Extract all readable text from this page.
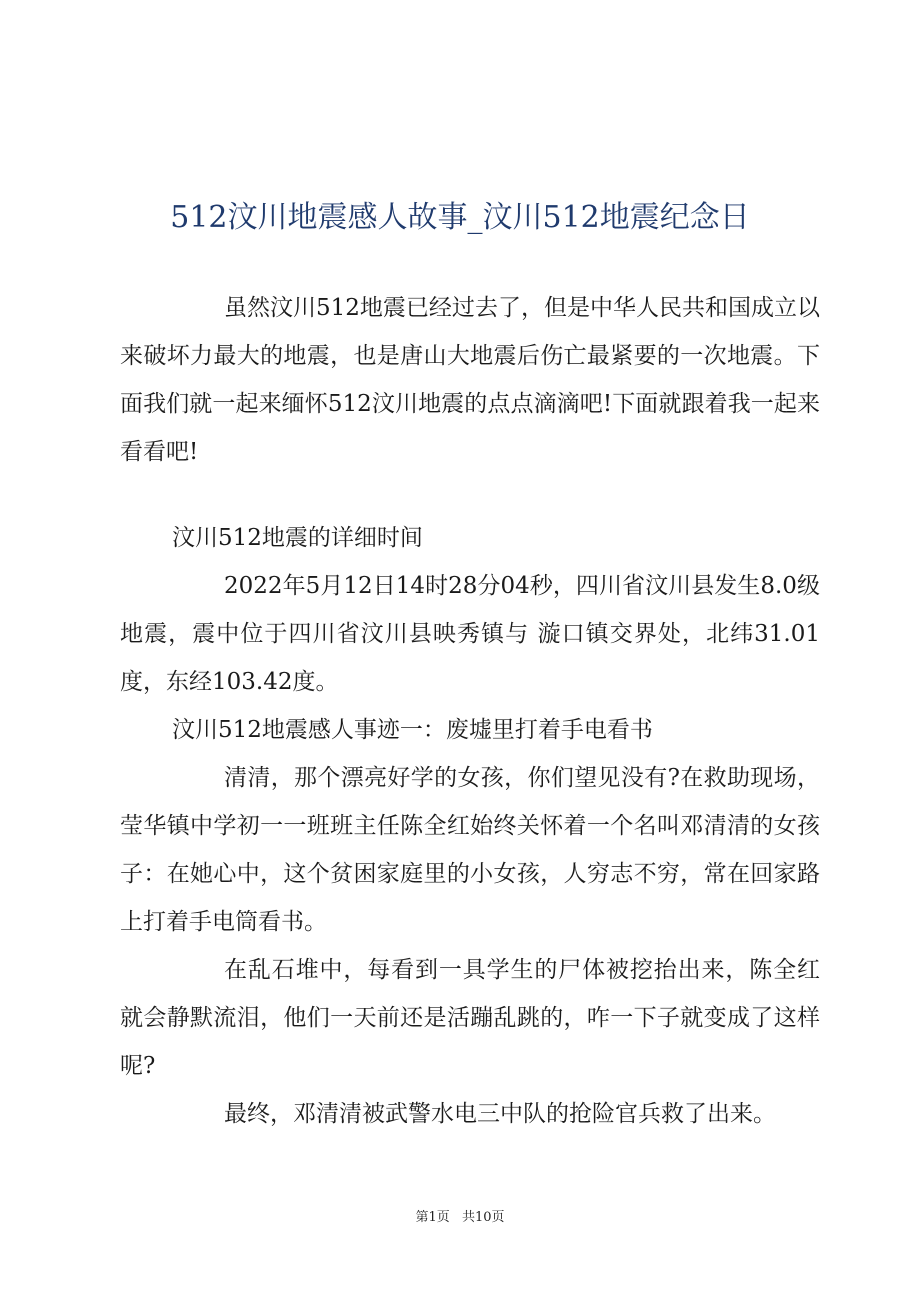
512汶川地震感人故事_汶川512地震纪念日

虽然汶川512地震已经过去了，但是中华人民共和国成立以来破坏力最大的地震，也是唐山大地震后伤亡最紧要的一次地震。下面我们就一起来缅怀512汶川地震的点点滴滴吧!下面就跟着我一起来看看吧!

汶川512地震的详细时间

2022年5月12日14时28分04秒，四川省汶川县发生8.0级地震，震中位于四川省汶川县映秀镇与 漩口镇交界处，北纬31.01度，东经103.42度。

汶川512地震感人事迹一：废墟里打着手电看书

清清，那个漂亮好学的女孩，你们望见没有?在救助现场，莹华镇中学初一一班班主任陈全红始终关怀着一个名叫邓清清的女孩子：在她心中，这个贫困家庭里的小女孩，人穷志不穷，常在回家路上打着手电筒看书。

在乱石堆中，每看到一具学生的尸体被挖抬出来，陈全红就会静默流泪，他们一天前还是活蹦乱跳的，咋一下子就变成了这样呢?

最终，邓清清被武警水电三中队的抢险官兵救了出来。

第1页 共10页
